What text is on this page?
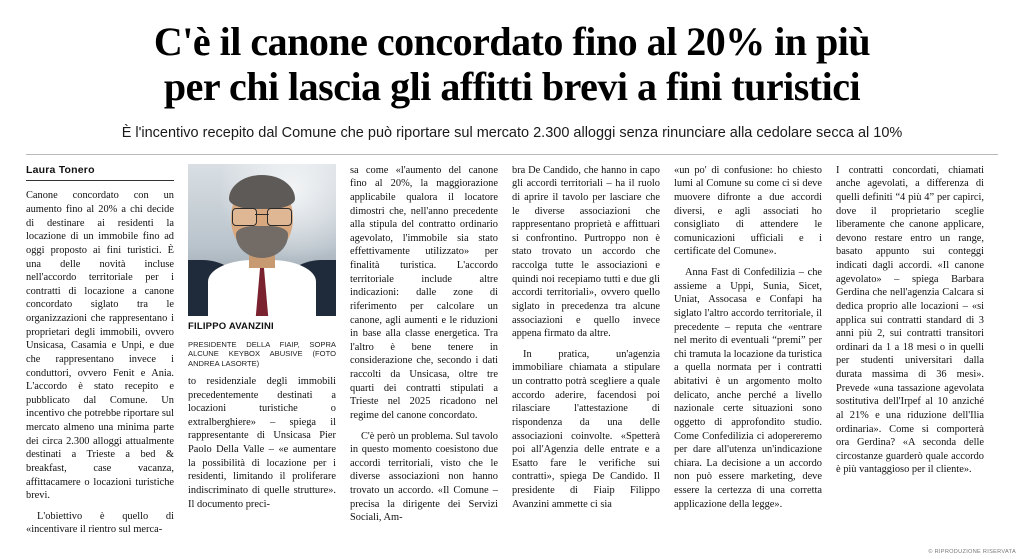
C'è il canone concordato fino al 20% in più
per chi lascia gli affitti brevi a fini turistici

È l'incentivo recepito dal Comune che può riportare sul mercato 2.300 alloggi senza rinunciare alla cedolare secca al 10%

Laura Tonero

Canone concordato con un aumento fino al 20% a chi decide di destinare ai residenti la locazione di un immobile fino ad oggi proposto ai fini turistici. È una delle novità incluse nell'accordo territoriale per i contratti di locazione a canone concordato siglato tra le organizzazioni che rappresentano i proprietari degli immobili, ovvero Unsicasa, Casamia e Unpi, e due che rappresentano invece i conduttori, ovvero Fenit e Ania. L'accordo è stato recepito e pubblicato dal Comune. Un incentivo che potrebbe riportare sul mercato almeno una minima parte dei circa 2.300 alloggi attualmente destinati a Trieste a bed & breakfast, case vacanza, affittacamere o locazioni turistiche brevi.

L'obiettivo è quello di «incentivare il rientro sul merca-

FILIPPO AVANZINI

PRESIDENTE DELLA FIAIP, SOPRA ALCUNE KEYBOX ABUSIVE (FOTO ANDREA LASORTE)

to residenziale degli immobili precedentemente destinati a locazioni turistiche o extralberghiere» – spiega il rappresentante di Unsicasa Pier Paolo Della Valle – «e aumentare la possibilità di locazione per i residenti, limitando il proliferare indiscriminato di quelle strutture». Il documento preci-

sa come «l'aumento del canone fino al 20%, la maggiorazione applicabile qualora il locatore dimostri che, nell'anno precedente alla stipula del contratto ordinario agevolato, l'immobile sia stato effettivamente utilizzato» per finalità turistica. L'accordo territoriale include altre indicazioni: dalle zone di riferimento per calcolare un canone, agli aumenti e le riduzioni in base alla classe energetica. Tra l'altro è bene tenere in considerazione che, secondo i dati raccolti da Unsicasa, oltre tre quarti dei contratti stipulati a Trieste nel 2025 ricadono nel regime del canone concordato.

C'è però un problema. Sul tavolo in questo momento coesistono due accordi territoriali, visto che le diverse associazioni non hanno trovato un accordo. «Il Comune – precisa la dirigente dei Servizi Sociali, Am-

bra De Candido, che hanno in capo gli accordi territoriali – ha il ruolo di aprire il tavolo per lasciare che le diverse associazioni che rappresentano proprietà e affittuari si confrontino. Purtroppo non è stato trovato un accordo che raccolga tutte le associazioni e quindi noi recepiamo tutti e due gli accordi territoriali», ovvero quello siglato in precedenza tra alcune associazioni e quello invece appena firmato da altre.

In pratica, un'agenzia immobiliare chiamata a stipulare un contratto potrà scegliere a quale accordo aderire, facendosi poi rilasciare l'attestazione di rispondenza da una delle associazioni coinvolte. «Spetterà poi all'Agenzia delle entrate e a Esatto fare le verifiche sui contratti», spiega De Candido. Il presidente di Fiaip Filippo Avanzini ammette ci sia

«un po' di confusione: ho chiesto lumi al Comune su come ci si deve muovere difronte a due accordi diversi, e agli associati ho consigliato di attendere le comunicazioni ufficiali e i certificate del Comune».

Anna Fast di Confedilizia – che assieme a Uppi, Sunia, Sicet, Uniat, Assocasa e Confapi ha siglato l'altro accordo territoriale, il precedente – reputa che «entrare nel merito di eventuali “premi” per chi tramuta la locazione da turistica a quella normata per i contratti abitativi è un argomento molto delicato, anche perché a livello nazionale certe situazioni sono oggetto di approfondito studio. Come Confedilizia ci adopereremo per dare all'utenza un'indicazione chiara. La decisione a un accordo non può essere marketing, deve essere la certezza di una corretta applicazione della legge».

I contratti concordati, chiamati anche agevolati, a differenza di quelli definiti “4 più 4” per capirci, dove il proprietario sceglie liberamente che canone applicare, devono restare entro un range, basato appunto sui conteggi indicati dagli accordi. «Il canone agevolato» – spiega Barbara Gerdina che nell'agenzia Calcara si dedica proprio alle locazioni – «si applica sui contratti standard di 3 anni più 2, sui contratti transitori ordinari da 1 a 18 mesi o in quelli per studenti universitari dalla durata massima di 36 mesi». Prevede «una tassazione agevolata sostitutiva dell'Irpef al 10 anziché al 21% e una riduzione dell'Ilia ordinaria». Come si comporterà ora Gerdina? «A seconda delle circostanze guarderò quale accordo è più vantaggioso per il cliente».

© RIPRODUZIONE RISERVATA
